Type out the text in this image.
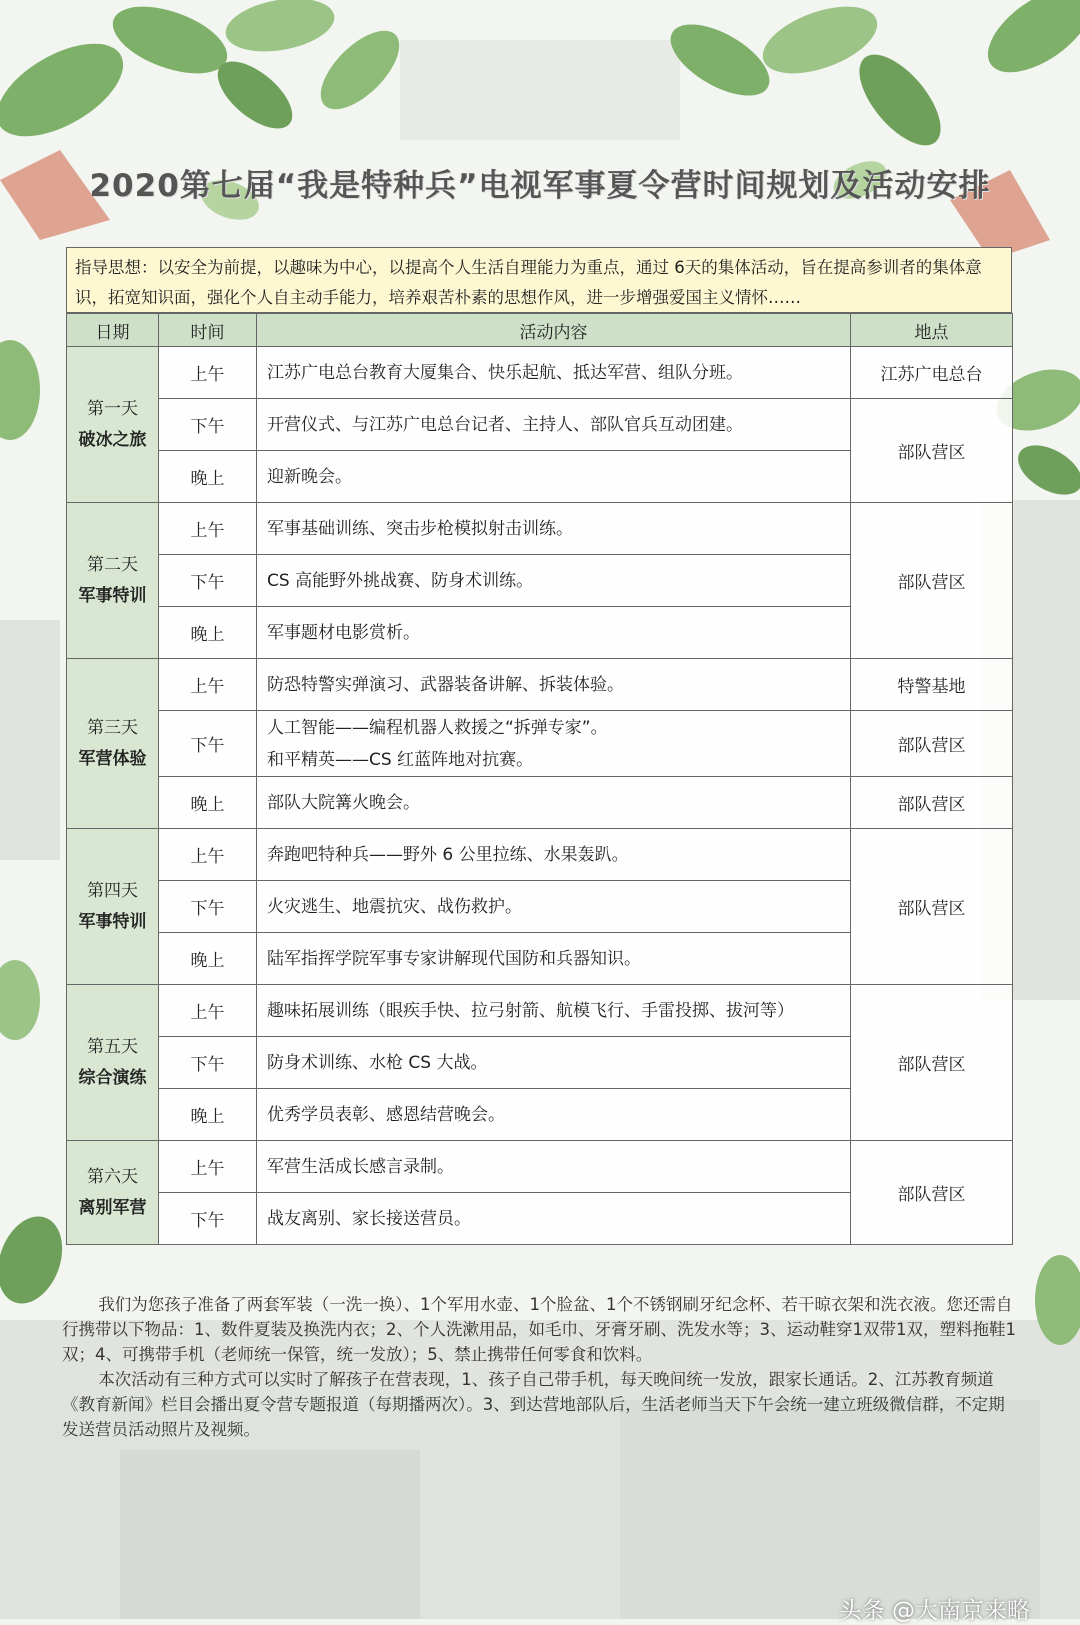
2020第七届“我是特种兵”电视军事夏令营时间规划及活动安排
指导思想：以安全为前提，以趣味为中心，以提高个人生活自理能力为重点，通过 6天的集体活动，旨在提高参训者的集体意识，拓宽知识面，强化个人自主动手能力，培养艰苦朴素的思想作风，进一步增强爱国主义情怀……
日期	时间	活动内容	地点

第一天
破冰之旅	上午	江苏广电总台教育大厦集合、快乐起航、抵达军营、组队分班。	江苏广电总台
	下午	开营仪式、与江苏广电总台记者、主持人、部队官兵互动团建。	部队营区
	晚上	迎新晚会。	

第二天
军事特训	上午	军事基础训练、突击步枪模拟射击训练。	部队营区
	下午	CS 高能野外挑战赛、防身术训练。	

	晚上	军事题材电影赏析。	

第三天
军营体验	上午	防恐特警实弹演习、武器装备讲解、拆装体验。	特警基地
	下午	人工智能——编程机器人救援之“拆弹专家”。
和平精英——CS 红蓝阵地对抗赛。	部队营区
	晚上	部队大院篝火晚会。	部队营区

第四天
军事特训	上午	奔跑吧特种兵——野外 6 公里拉练、水果轰趴。	部队营区
	下午	火灾逃生、地震抗灾、战伤救护。	

	晚上	陆军指挥学院军事专家讲解现代国防和兵器知识。	

第五天
综合演练	上午	趣味拓展训练（眼疾手快、拉弓射箭、航模飞行、手雷投掷、拔河等）	部队营区
	下午	防身术训练、水枪 CS 大战。	

	晚上	优秀学员表彰、感恩结营晚会。	

第六天
离别军营	上午	军营生活成长感言录制。	部队营区
	下午	战友离别、家长接送营员。	

我们为您孩子准备了两套军装（一洗一换）、1个军用水壶、1个脸盆、1个不锈钢刷牙纪念杯、若干晾衣架和洗衣液。您还需自行携带以下物品：1、数件夏装及换洗内衣；2、个人洗漱用品，如毛巾、牙膏牙刷、洗发水等；3、运动鞋穿1双带1双，塑料拖鞋1双；4、可携带手机（老师统一保管，统一发放）；5、禁止携带任何零食和饮料。

本次活动有三种方式可以实时了解孩子在营表现，1、孩子自己带手机，每天晚间统一发放，跟家长通话。2、江苏教育频道《教育新闻》栏目会播出夏令营专题报道（每期播两次）。3、到达营地部队后，生活老师当天下午会统一建立班级微信群，不定期发送营员活动照片及视频。

头条 @大南京来略
